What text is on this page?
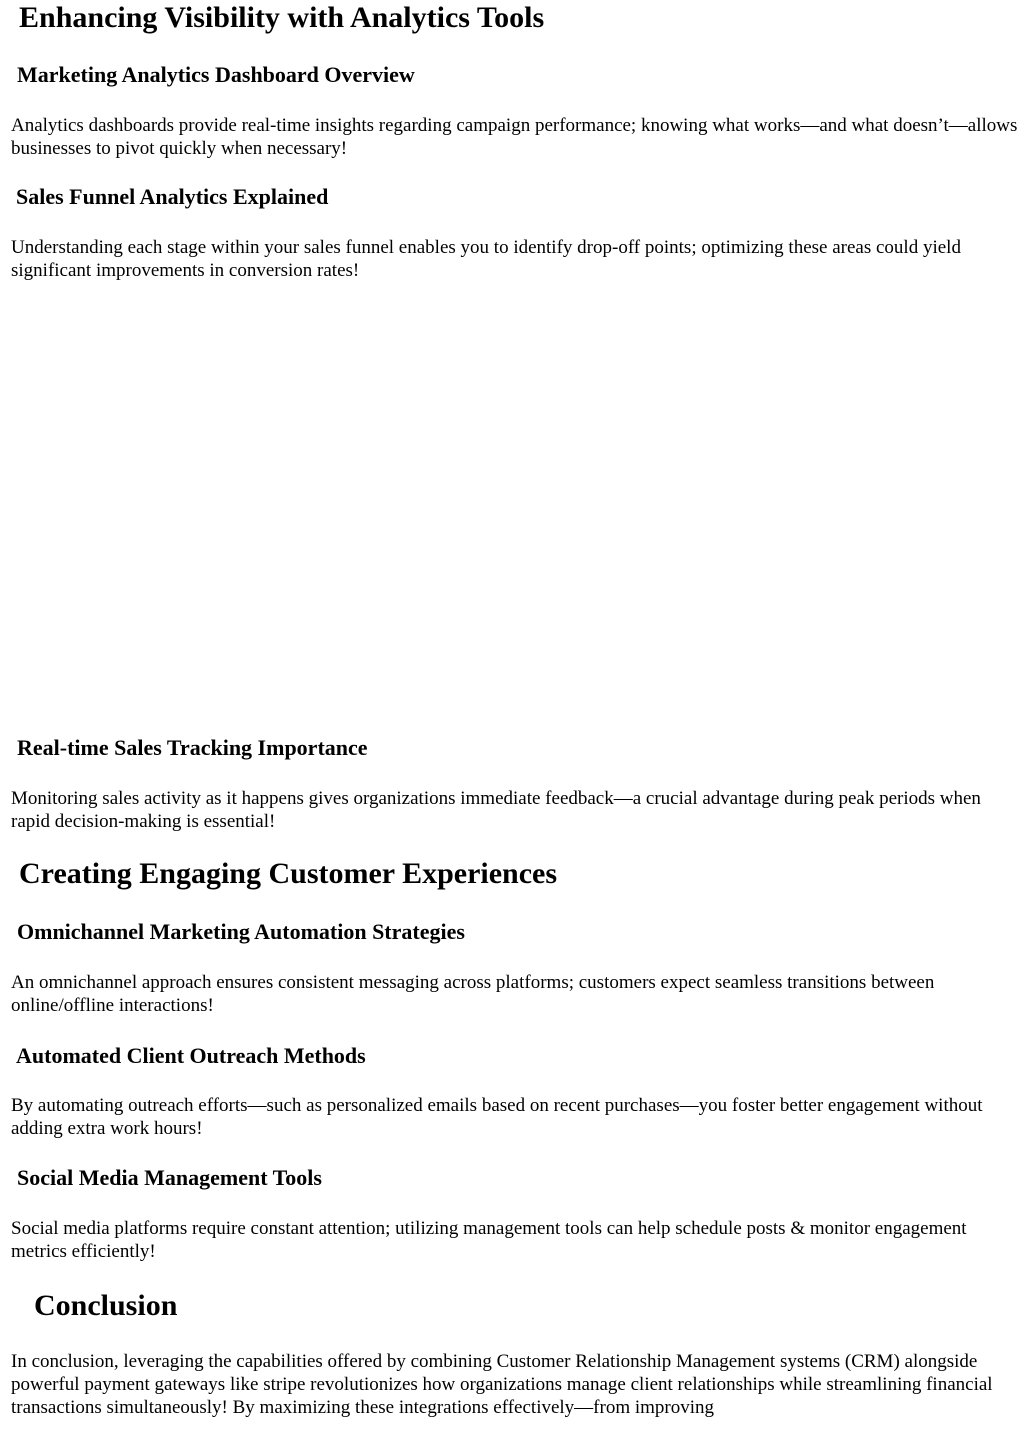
Enhancing Visibility with Analytics Tools
Marketing Analytics Dashboard Overview

Analytics dashboards provide real-time insights regarding campaign performance; knowing what works—and what doesn’t—allows businesses to pivot quickly when necessary!

Sales Funnel Analytics Explained

Understanding each stage within your sales funnel enables you to identify drop-off points; optimizing these areas could yield significant improvements in conversion rates!

Real-time Sales Tracking Importance

Monitoring sales activity as it happens gives organizations immediate feedback—a crucial advantage during peak periods when rapid decision-making is essential!

Creating Engaging Customer Experiences
Omnichannel Marketing Automation Strategies

An omnichannel approach ensures consistent messaging across platforms; customers expect seamless transitions between online/offline interactions!

Automated Client Outreach Methods

By automating outreach efforts—such as personalized emails based on recent purchases—you foster better engagement without adding extra work hours!

Social Media Management Tools

Social media platforms require constant attention; utilizing management tools can help schedule posts & monitor engagement metrics efficiently!

Conclusion

In conclusion, leveraging the capabilities offered by combining Customer Relationship Management systems (CRM) alongside powerful payment gateways like stripe revolutionizes how organizations manage client relationships while streamlining financial transactions simultaneously! By maximizing these integrations effectively—from improving
